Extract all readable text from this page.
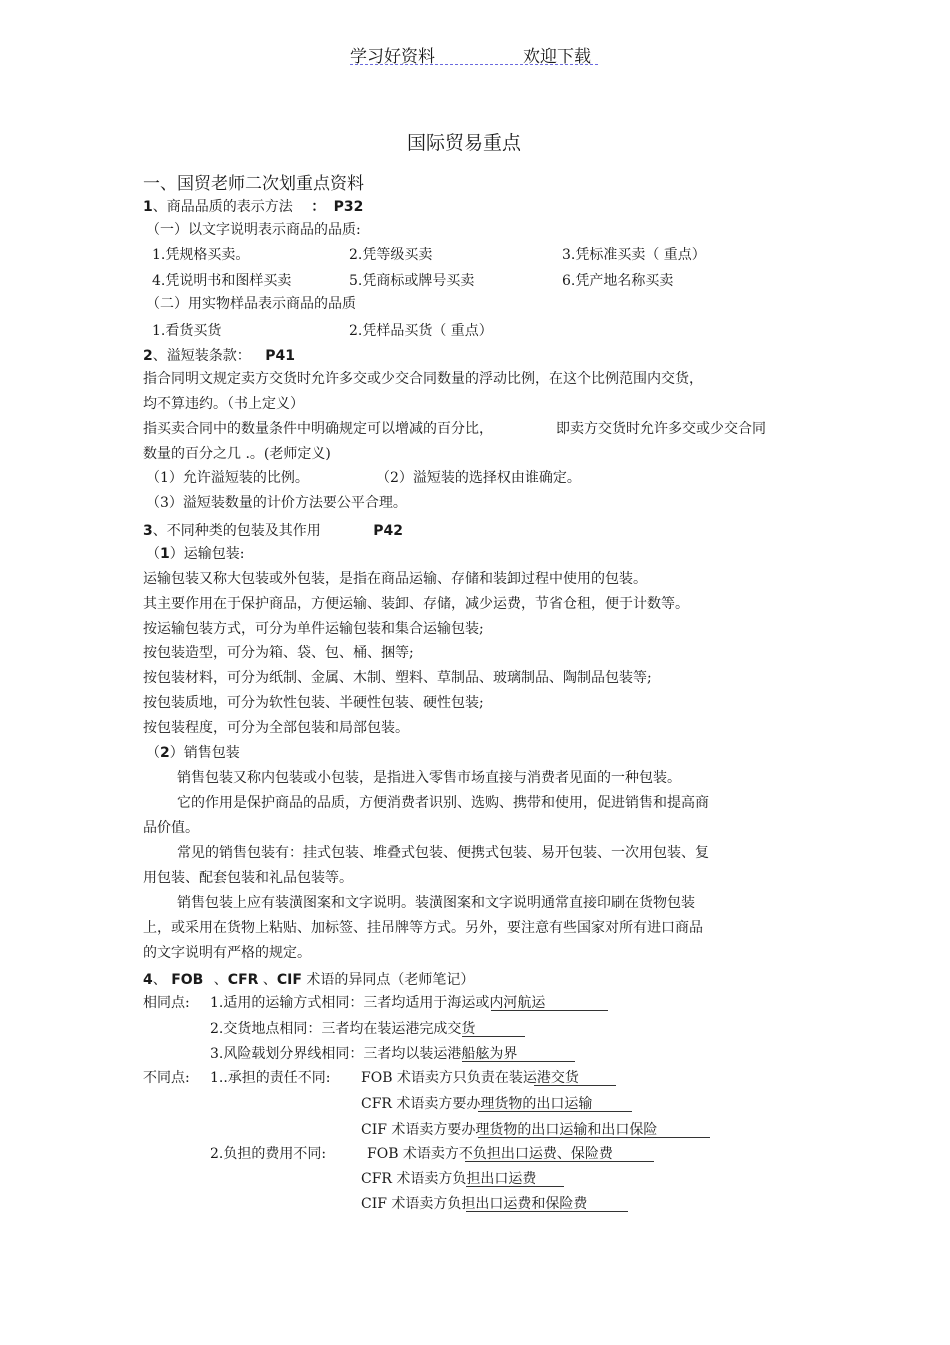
学习好资料	欢迎下载
国际贸易重点
一、国贸老师二次划重点资料
1、商品品质的表示方法 ： P32
（一）以文字说明表示商品的品质:
1.凭规格买卖。	2.凭等级买卖	3.凭标准买卖（ 重点）
4.凭说明书和图样买卖	5.凭商标或牌号买卖	6.凭产地名称买卖
（二）用实物样品表示商品的品质
1.看货买货	2.凭样品买货（ 重点）
2、溢短装条款： P41
指合同明文规定卖方交货时允许多交或少交合同数量的浮动比例，在这个比例范围内交货，
均不算违约。（书上定义）
指买卖合同中的数量条件中明确规定可以增减的百分比，	即卖方交货时允许多交或少交合同
数量的百分之几 .。(老师定义)
（1）允许溢短装的比例。	（2）溢短装的选择权由谁确定。
（3）溢短装数量的计价方法要公平合理。
3、不同种类的包装及其作用	P42
（1）运输包装:
运输包装又称大包装或外包装，是指在商品运输、存储和装卸过程中使用的包装。
其主要作用在于保护商品，方便运输、装卸、存储，减少运费，节省仓租，便于计数等。
按运输包装方式，可分为单件运输包装和集合运输包装;
按包装造型，可分为箱、袋、包、桶、捆等;
按包装材料，可分为纸制、金属、木制、塑料、草制品、玻璃制品、陶制品包装等;
按包装质地，可分为软性包装、半硬性包装、硬性包装;
按包装程度，可分为全部包装和局部包装。
（2）销售包装
销售包装又称内包装或小包装，是指进入零售市场直接与消费者见面的一种包装。
它的作用是保护商品的品质，方便消费者识别、选购、携带和使用，促进销售和提高商
品价值。
常见的销售包装有：挂式包装、堆叠式包装、便携式包装、易开包装、一次用包装、复
用包装、配套包装和礼品包装等。
销售包装上应有装潢图案和文字说明。装潢图案和文字说明通常直接印刷在货物包装
上，或采用在货物上粘贴、加标签、挂吊牌等方式。另外，要注意有些国家对所有进口商品
的文字说明有严格的规定。
4、 FOB 、CFR 、CIF 术语的异同点（老师笔记）
相同点: 1.适用的运输方式相同：三者均适用于海运或内河航运
2.交货地点相同：三者均在装运港完成交货
3.风险载划分界线相同：三者均以装运港船舷为界
不同点: 1..承担的责任不同: FOB 术语卖方只负责在装运港交货
CFR 术语卖方要办理货物的出口运输
CIF 术语卖方要办理货物的出口运输和出口保险
2.负担的费用不同:	FOB 术语卖方不负担出口运费、保险费
CFR 术语卖方负担出口运费
CIF 术语卖方负担出口运费和保险费
